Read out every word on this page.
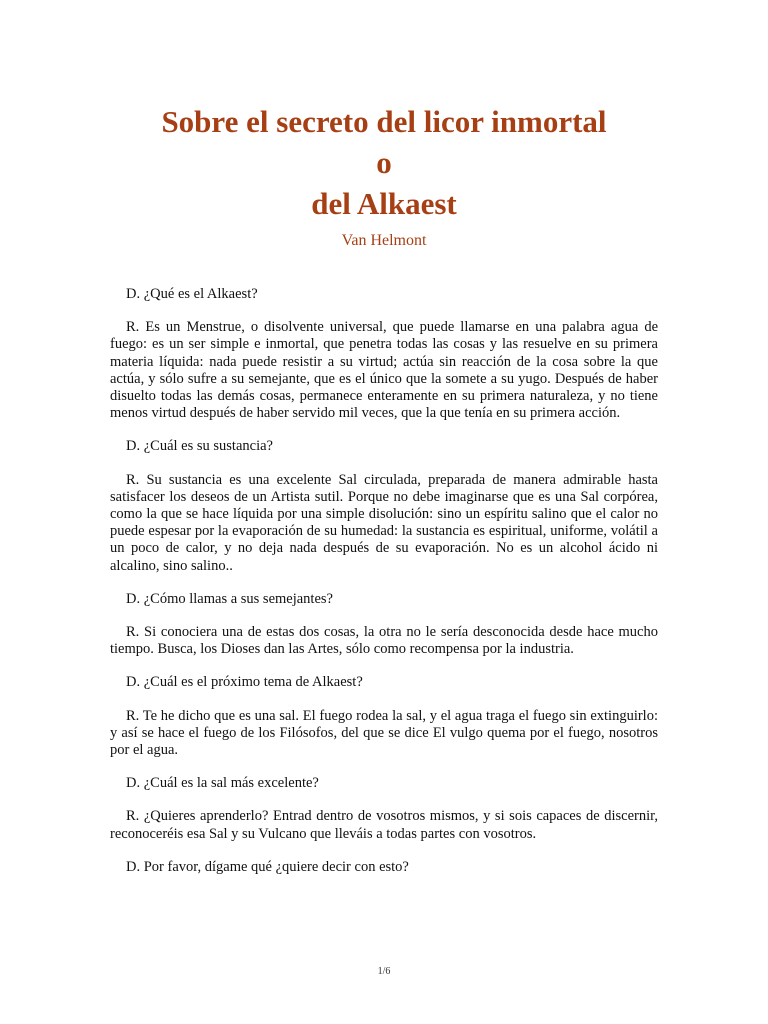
Sobre el secreto del licor inmortal
o
del Alkaest
Van Helmont

D. ¿Qué es el Alkaest?

R. Es un Menstrue, o disolvente universal, que puede llamarse en una palabra agua de fuego: es un ser simple e inmortal, que penetra todas las cosas y las resuelve en su primera materia líquida: nada puede resistir a su virtud; actúa sin reacción de la cosa sobre la que actúa, y sólo sufre a su semejante, que es el único que la somete a su yugo. Después de haber disuelto todas las demás cosas, permanece enteramente en su primera naturaleza, y no tiene menos virtud después de haber servido mil veces, que la que tenía en su primera acción.

D. ¿Cuál es su sustancia?

R. Su sustancia es una excelente Sal circulada, preparada de manera admirable hasta satisfacer los deseos de un Artista sutil. Porque no debe imaginarse que es una Sal corpórea, como la que se hace líquida por una simple disolución: sino un espíritu salino que el calor no puede espesar por la evaporación de su humedad: la sustancia es espiritual, uniforme, volátil a un poco de calor, y no deja nada después de su evaporación. No es un alcohol ácido ni alcalino, sino salino..

D. ¿Cómo llamas a sus semejantes?

R. Si conociera una de estas dos cosas, la otra no le sería desconocida desde hace mucho tiempo. Busca, los Dioses dan las Artes, sólo como recompensa por la industria.

D. ¿Cuál es el próximo tema de Alkaest?

R. Te he dicho que es una sal. El fuego rodea la sal, y el agua traga el fuego sin extinguirlo: y así se hace el fuego de los Filósofos, del que se dice El vulgo quema por el fuego, nosotros por el agua.

D. ¿Cuál es la sal más excelente?

R. ¿Quieres aprenderlo? Entrad dentro de vosotros mismos, y si sois capaces de discernir, reconoceréis esa Sal y su Vulcano que lleváis a todas partes con vosotros.

D. Por favor, dígame qué ¿quiere decir con esto?

1/6
